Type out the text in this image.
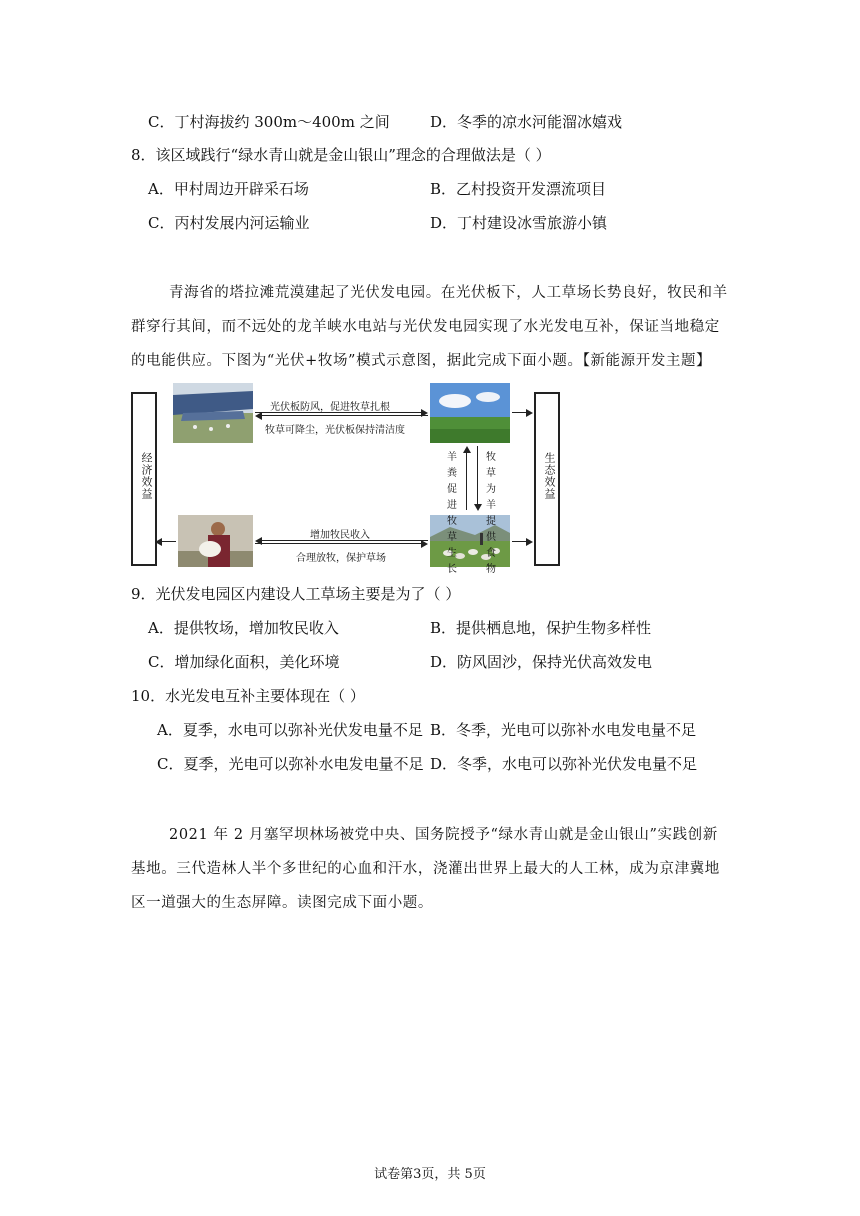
C．丁村海拔约 300m～400m 之间	D．冬季的凉水河能溜冰嬉戏
8．该区域践行“绿水青山就是金山银山”理念的合理做法是（ ）
A．甲村周边开辟采石场	B．乙村投资开发漂流项目
C．丙村发展内河运输业	D．丁村建设冰雪旅游小镇
青海省的塔拉滩荒漠建起了光伏发电园。在光伏板下，人工草场长势良好，牧民和羊群穿行其间，而不远处的龙羊峡水电站与光伏发电园实现了水光发电互补，保证当地稳定的电能供应。下图为“光伏+牧场”模式示意图，据此完成下面小题。【新能源开发主题】
经济效益	生态效益
光伏板防风，促进牧草扎根
牧草可降尘，光伏板保持清洁度
羊粪促进牧草生长
牧草为羊提供食物
增加牧民收入
合理放牧，保护草场
9．光伏发电园区内建设人工草场主要是为了（ ）
A．提供牧场，增加牧民收入	B．提供栖息地，保护生物多样性
C．增加绿化面积，美化环境	D．防风固沙，保持光伏高效发电
10．水光发电互补主要体现在（ ）
A．夏季，水电可以弥补光伏发电量不足 B．冬季，光电可以弥补水电发电量不足
C．夏季，光电可以弥补水电发电量不足 D．冬季，水电可以弥补光伏发电量不足
2021 年 2 月塞罕坝林场被党中央、国务院授予“绿水青山就是金山银山”实践创新基地。三代造林人半个多世纪的心血和汗水，浇灌出世界上最大的人工林，成为京津冀地区一道强大的生态屏障。读图完成下面小题。
试卷第3页，共 5页
